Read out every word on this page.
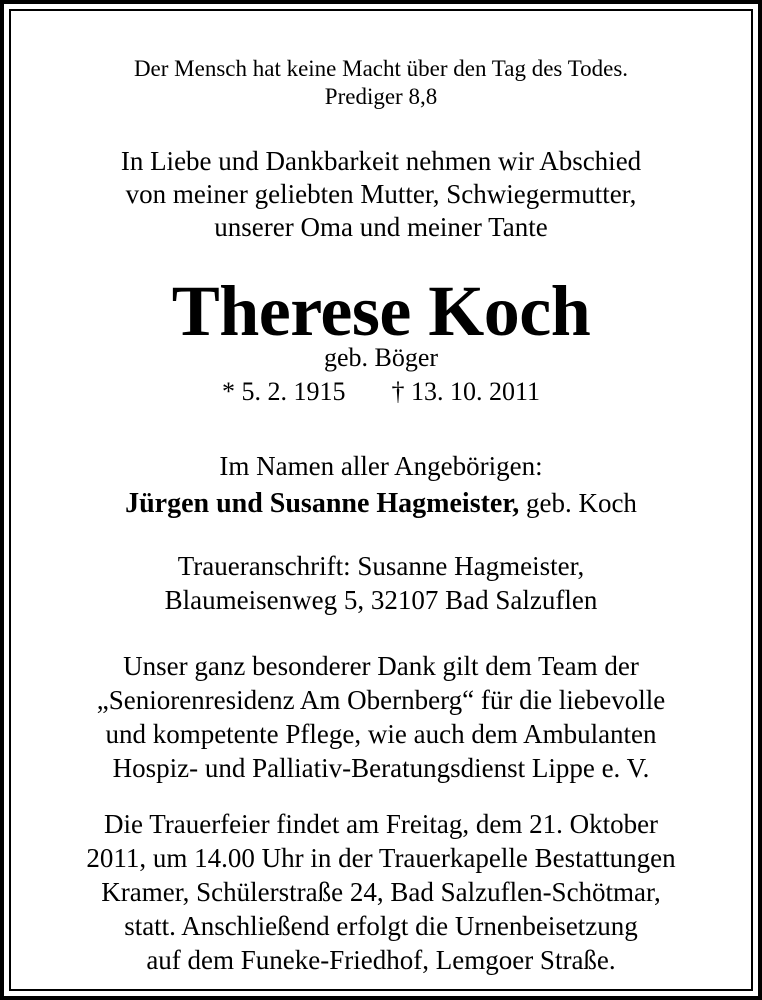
Der Mensch hat keine Macht über den Tag des Todes.
Prediger 8,8
In Liebe und Dankbarkeit nehmen wir Abschied
von meiner geliebten Mutter, Schwiegermutter,
unserer Oma und meiner Tante
Therese Koch
geb. Böger
* 5. 2. 1915 † 13. 10. 2011
Im Namen aller Angebörigen:
Jürgen und Susanne Hagmeister, geb. Koch
Traueranschrift: Susanne Hagmeister,
Blaumeisenweg 5, 32107 Bad Salzuflen
Unser ganz besonderer Dank gilt dem Team der
„Seniorenresidenz Am Obernberg“ für die liebevolle
und kompetente Pflege, wie auch dem Ambulanten
Hospiz- und Palliativ-Beratungsdienst Lippe e. V.
Die Trauerfeier findet am Freitag, dem 21. Oktober
2011, um 14.00 Uhr in der Trauerkapelle Bestattungen
Kramer, Schülerstraße 24, Bad Salzuflen-Schötmar,
statt. Anschließend erfolgt die Urnenbeisetzung
auf dem Funeke-Friedhof, Lemgoer Straße.
